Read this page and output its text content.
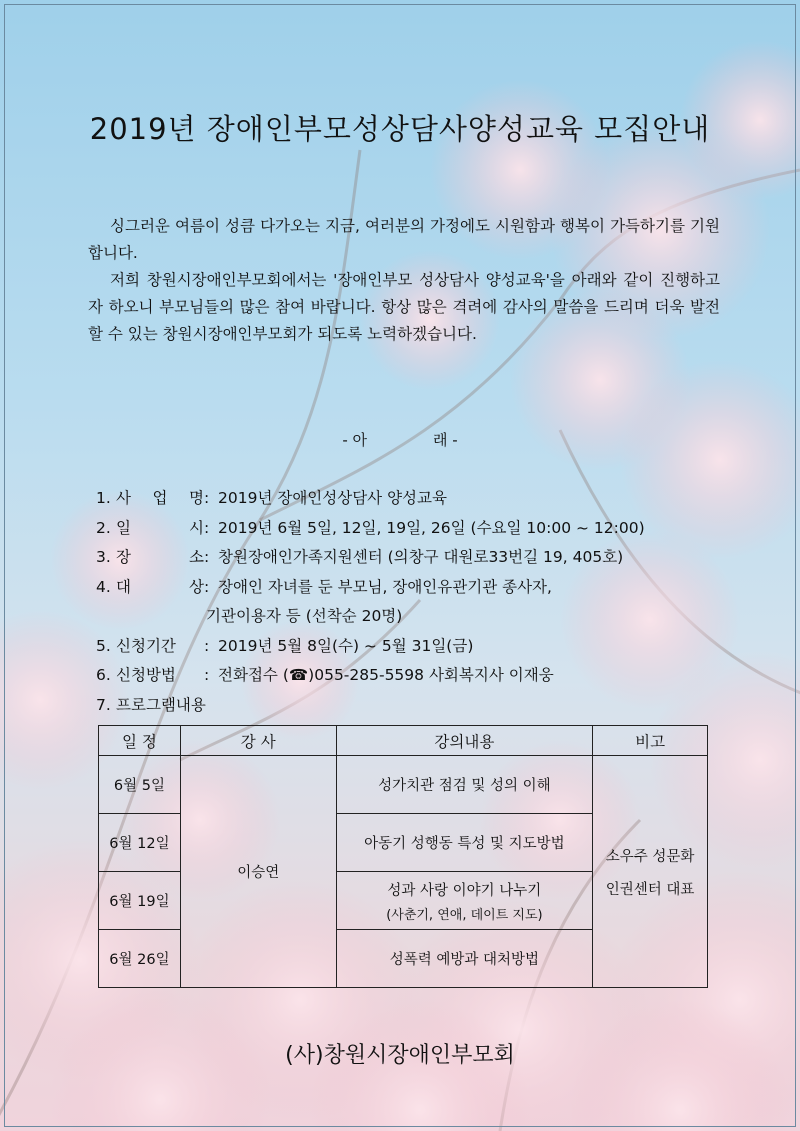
2019년 장애인부모성상담사양성교육 모집안내

싱그러운 여름이 성큼 다가오는 지금, 여러분의 가정에도 시원함과 행복이 가득하기를 기원합니다.

저희 창원시장애인부모회에서는 '장애인부모 성상담사 양성교육'을 아래와 같이 진행하고자 하오니 부모님들의 많은 참여 바랍니다. 항상 많은 격려에 감사의 말씀을 드리며 더욱 발전할 수 있는 창원시장애인부모회가 되도록 노력하겠습니다.

- 아	래 -
1. 사 업 명 : 2019년 장애인성상담사 양성교육
2. 일	시 : 2019년 6월 5일, 12일, 19일, 26일 (수요일 10:00 ~ 12:00)
3. 장	소 : 창원장애인가족지원센터 (의창구 대원로33번길 19, 405호)
4. 대	상 : 장애인 자녀를 둔 부모님, 장애인유관기관 종사자,
기관이용자 등 (선착순 20명)
5. 신청기간 : 2019년 5월 8일(수) ~ 5월 31일(금)
6. 신청방법 : 전화접수 (☎)055-285-5598 사회복지사 이재웅
7. 프로그램내용
일 정	강 사	강의내용	비고
6월 5일	이승연	성가치관 점검 및 성의 이해	소우주 성문화
인권센터 대표

6월 12일		아동기 성행동 특성 및 지도방법	
6월 19일		성과 사랑 이야기 나누기
(사춘기, 연애, 데이트 지도)	

6월 26일		성폭력 예방과 대처방법	
(사)창원시장애인부모회
